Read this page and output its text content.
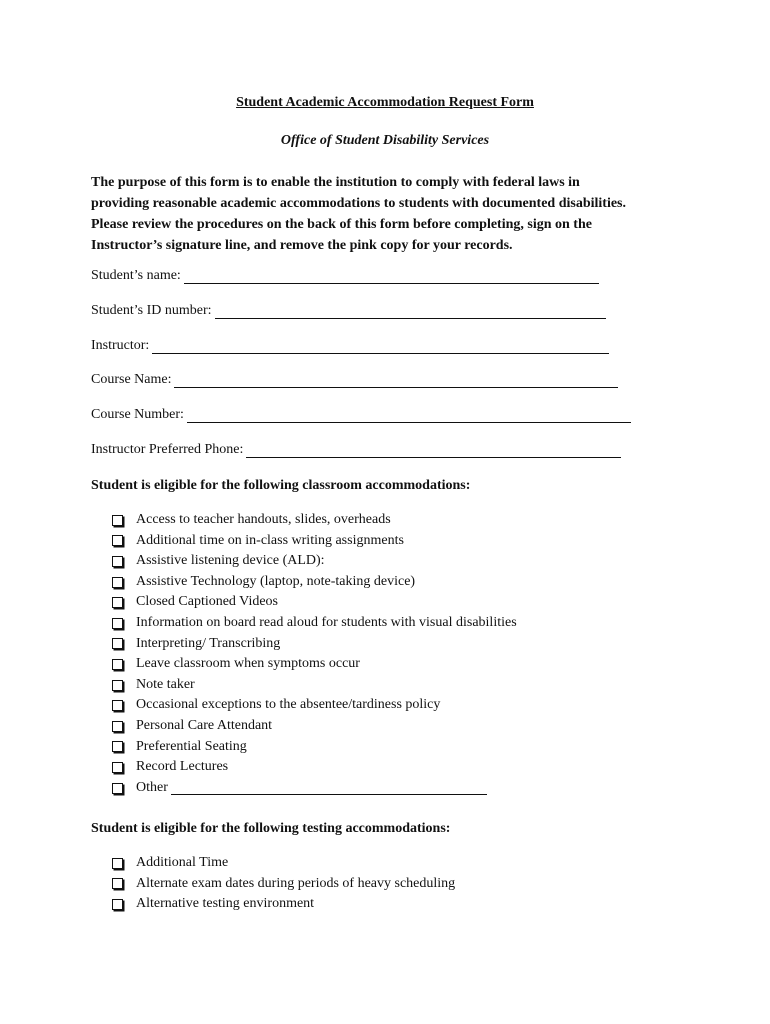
Student Academic Accommodation Request Form
Office of Student Disability Services
The purpose of this form is to enable the institution to comply with federal laws in
providing reasonable academic accommodations to students with documented disabilities.
Please review the procedures on the back of this form before completing, sign on the
Instructor’s signature line, and remove the pink copy for your records.
Student’s name:
Student’s ID number:
Instructor:
Course Name:
Course Number:
Instructor Preferred Phone:
Student is eligible for the following classroom accommodations:
Access to teacher handouts, slides, overheads
Additional time on in-class writing assignments
Assistive listening device (ALD):
Assistive Technology (laptop, note-taking device)
Closed Captioned Videos
Information on board read aloud for students with visual disabilities
Interpreting/ Transcribing
Leave classroom when symptoms occur
Note taker
Occasional exceptions to the absentee/tardiness policy
Personal Care Attendant
Preferential Seating
Record Lectures
Other
Student is eligible for the following testing accommodations:
Additional Time
Alternate exam dates during periods of heavy scheduling
Alternative testing environment
